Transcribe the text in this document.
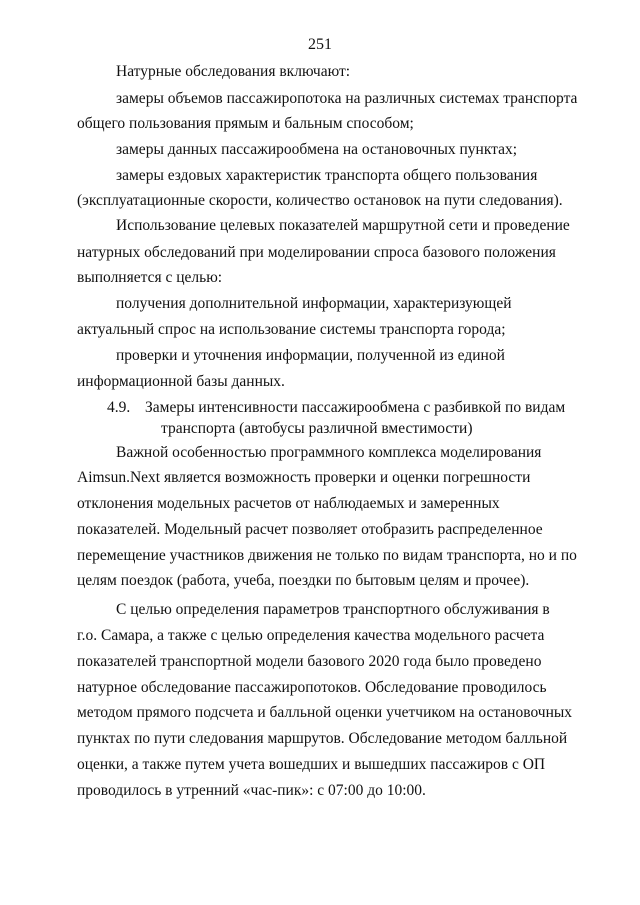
251
Натурные обследования включают:
замеры объемов пассажиропотока на различных системах транспорта
общего пользования прямым и бальным способом;
замеры данных пассажирообмена на остановочных пунктах;
замеры ездовых характеристик транспорта общего пользования
(эксплуатационные скорости, количество остановок на пути следования).
Использование целевых показателей маршрутной сети и проведение
натурных обследований при моделировании спроса базового положения
выполняется с целью:
получения дополнительной информации, характеризующей
актуальный спрос на использование системы транспорта города;
проверки и уточнения информации, полученной из единой
информационной базы данных.
4.9. Замеры интенсивности пассажирообмена с разбивкой по видам
транспорта (автобусы различной вместимости)
Важной особенностью программного комплекса моделирования
Aimsun.Next является возможность проверки и оценки погрешности
отклонения модельных расчетов от наблюдаемых и замеренных
показателей. Модельный расчет позволяет отобразить распределенное
перемещение участников движения не только по видам транспорта, но и по
целям поездок (работа, учеба, поездки по бытовым целям и прочее).
С целью определения параметров транспортного обслуживания в
г.о. Самара, а также с целью определения качества модельного расчета
показателей транспортной модели базового 2020 года было проведено
натурное обследование пассажиропотоков. Обследование проводилось
методом прямого подсчета и балльной оценки учетчиком на остановочных
пунктах по пути следования маршрутов. Обследование методом балльной
оценки, а также путем учета вошедших и вышедших пассажиров с ОП
проводилось в утренний «час-пик»: с 07:00 до 10:00.
